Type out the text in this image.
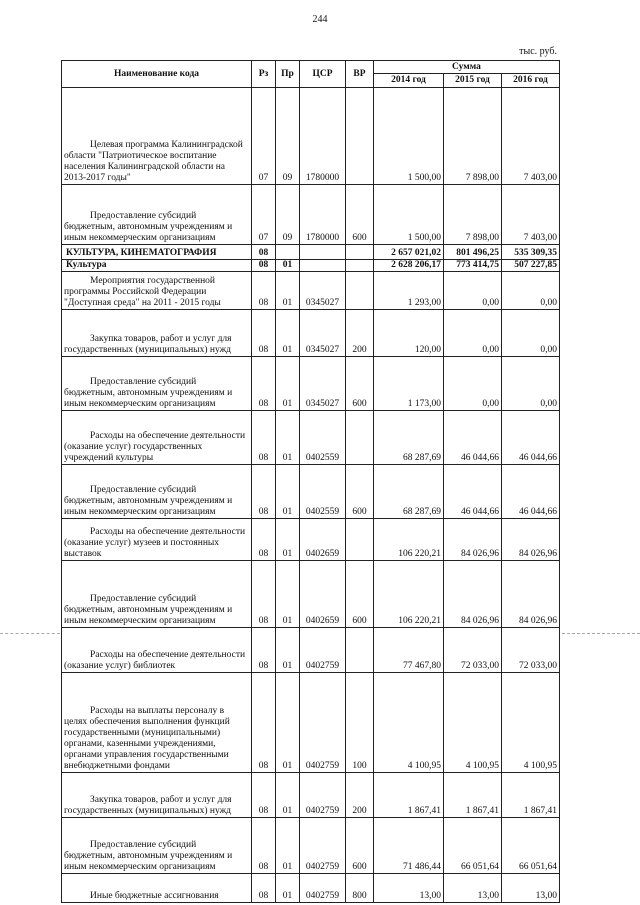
244
тыс. руб.
Наименование кода	Рз	Пр	ЦСР	ВР	Сумма		
					2014 год	2015 год	2016 год
Целевая программа Калининградской области "Патриотическое воспитание населения Калининградской области на 2013-2017 годы"	07	09	1780000		1 500,00	7 898,00	7 403,00
Предоставление субсидий бюджетным, автономным учреждениям и иным некоммерческим организациям	07	09	1780000	600	1 500,00	7 898,00	7 403,00
КУЛЬТУРА, КИНЕМАТОГРАФИЯ	08				2 657 021,02	801 496,25	535 309,35
Культура	08	01			2 628 206,17	773 414,75	507 227,85
Мероприятия государственной программы Российской Федерации "Доступная среда" на 2011 - 2015 годы	08	01	0345027		1 293,00	0,00	0,00
Закупка товаров, работ и услуг для государственных (муниципальных) нужд	08	01	0345027	200	120,00	0,00	0,00
Предоставление субсидий бюджетным, автономным учреждениям и иным некоммерческим организациям	08	01	0345027	600	1 173,00	0,00	0,00
Расходы на обеспечение деятельности (оказание услуг) государственных учреждений культуры	08	01	0402559		68 287,69	46 044,66	46 044,66
Предоставление субсидий бюджетным, автономным учреждениям и иным некоммерческим организациям	08	01	0402559	600	68 287,69	46 044,66	46 044,66
Расходы на обеспечение деятельности (оказание услуг) музеев и постоянных выставок	08	01	0402659		106 220,21	84 026,96	84 026,96
Предоставление субсидий бюджетным, автономным учреждениям и иным некоммерческим организациям	08	01	0402659	600	106 220,21	84 026,96	84 026,96
Расходы на обеспечение деятельности (оказание услуг) библиотек	08	01	0402759		77 467,80	72 033,00	72 033,00
Расходы на выплаты персоналу в целях обеспечения выполнения функций государственными (муниципальными) органами, казенными учреждениями, органами управления государственными внебюджетными фондами	08	01	0402759	100	4 100,95	4 100,95	4 100,95
Закупка товаров, работ и услуг для государственных (муниципальных) нужд	08	01	0402759	200	1 867,41	1 867,41	1 867,41
Предоставление субсидий бюджетным, автономным учреждениям и иным некоммерческим организациям	08	01	0402759	600	71 486,44	66 051,64	66 051,64
Иные бюджетные ассигнования	08	01	0402759	800	13,00	13,00	13,00
